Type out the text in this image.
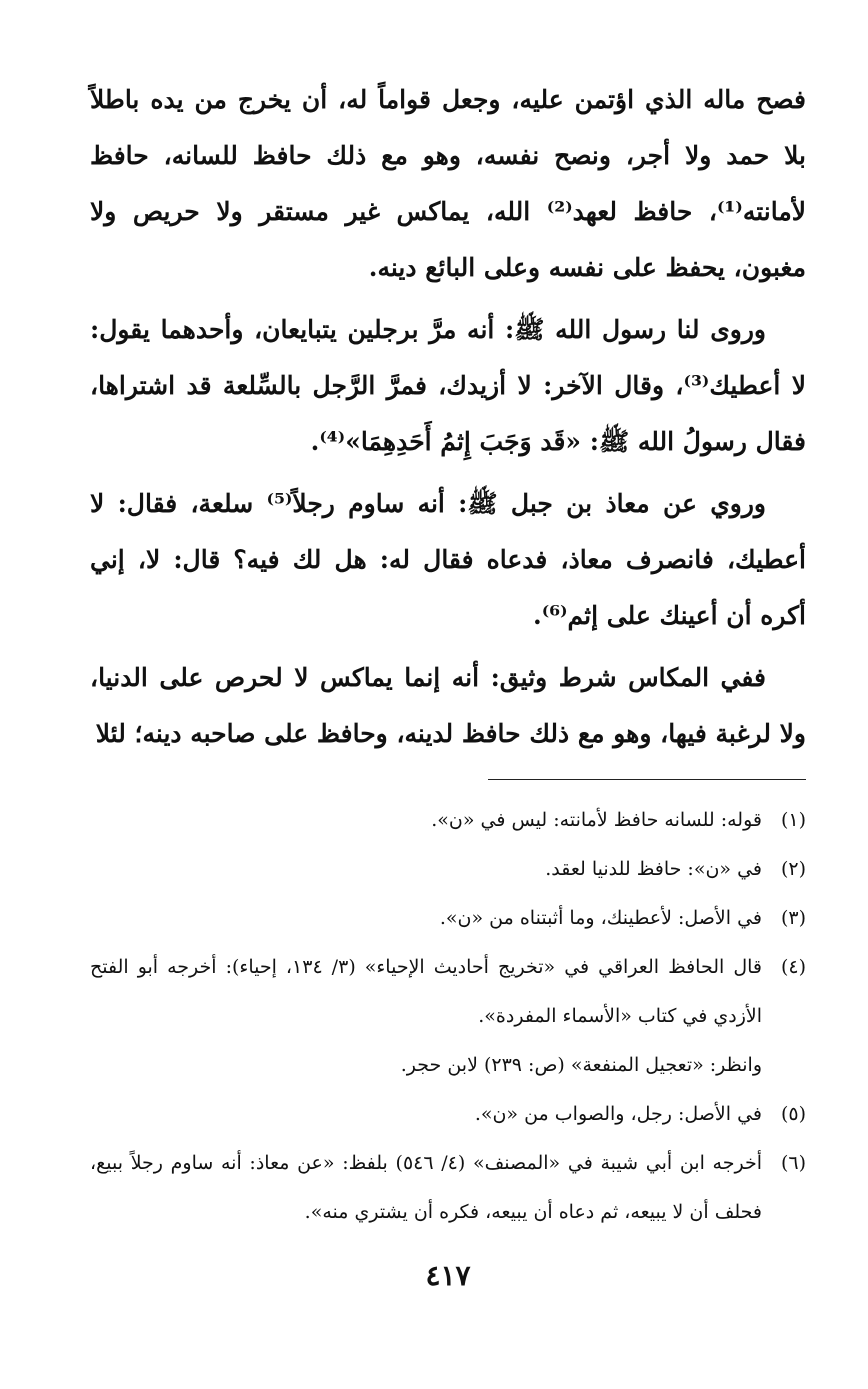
فصح ماله الذي اؤتمن عليه، وجعل قواماً له، أن يخرج من يده باطلاً بلا حمد ولا أجر، ونصح نفسه، وهو مع ذلك حافظ للسانه، حافظ لأمانته⁽¹⁾، حافظ لعهد⁽²⁾ الله، يماكس غير مستقر ولا حريص ولا مغبون، يحفظ على نفسه وعلى البائع دينه.

وروى لنا رسول الله ﷺ: أنه مرَّ برجلين يتبايعان، وأحدهما يقول: لا أعطيك⁽³⁾، وقال الآخر: لا أزيدك، فمرَّ الرَّجل بالسِّلعة قد اشتراها، فقال رسولُ الله ﷺ: «قَد وَجَبَ إِثمُ أَحَدِهِمَا»⁽⁴⁾.

وروي عن معاذ بن جبل ﷺ: أنه ساوم رجلاً⁽⁵⁾ سلعة، فقال: لا أعطيك، فانصرف معاذ، فدعاه فقال له: هل لك فيه؟ قال: لا، إني أكره أن أعينك على إثم⁽⁶⁾.

ففي المكاس شرط وثيق: أنه إنما يماكس لا لحرص على الدنيا، ولا لرغبة فيها، وهو مع ذلك حافظ لدينه، وحافظ على صاحبه دينه؛ لئلا

(١)
قوله: للسانه حافظ لأمانته: ليس في «ن».
(٢)
في «ن»: حافظ للدنيا لعقد.
(٣)
في الأصل: لأعطينك، وما أثبتناه من «ن».
(٤)
قال الحافظ العراقي في «تخريج أحاديث الإحياء» (٣/ ١٣٤، إحياء): أخرجه أبو الفتح الأزدي في كتاب «الأسماء المفردة».

وانظر: «تعجيل المنفعة» (ص: ٢٣٩) لابن حجر.

(٥)
في الأصل: رجل، والصواب من «ن».
(٦)
أخرجه ابن أبي شيبة في «المصنف» (٤/ ٥٤٦) بلفظ: «عن معاذ: أنه ساوم رجلاً ببيع، فحلف أن لا يبيعه، ثم دعاه أن يبيعه، فكره أن يشتري منه».
٤١٧
